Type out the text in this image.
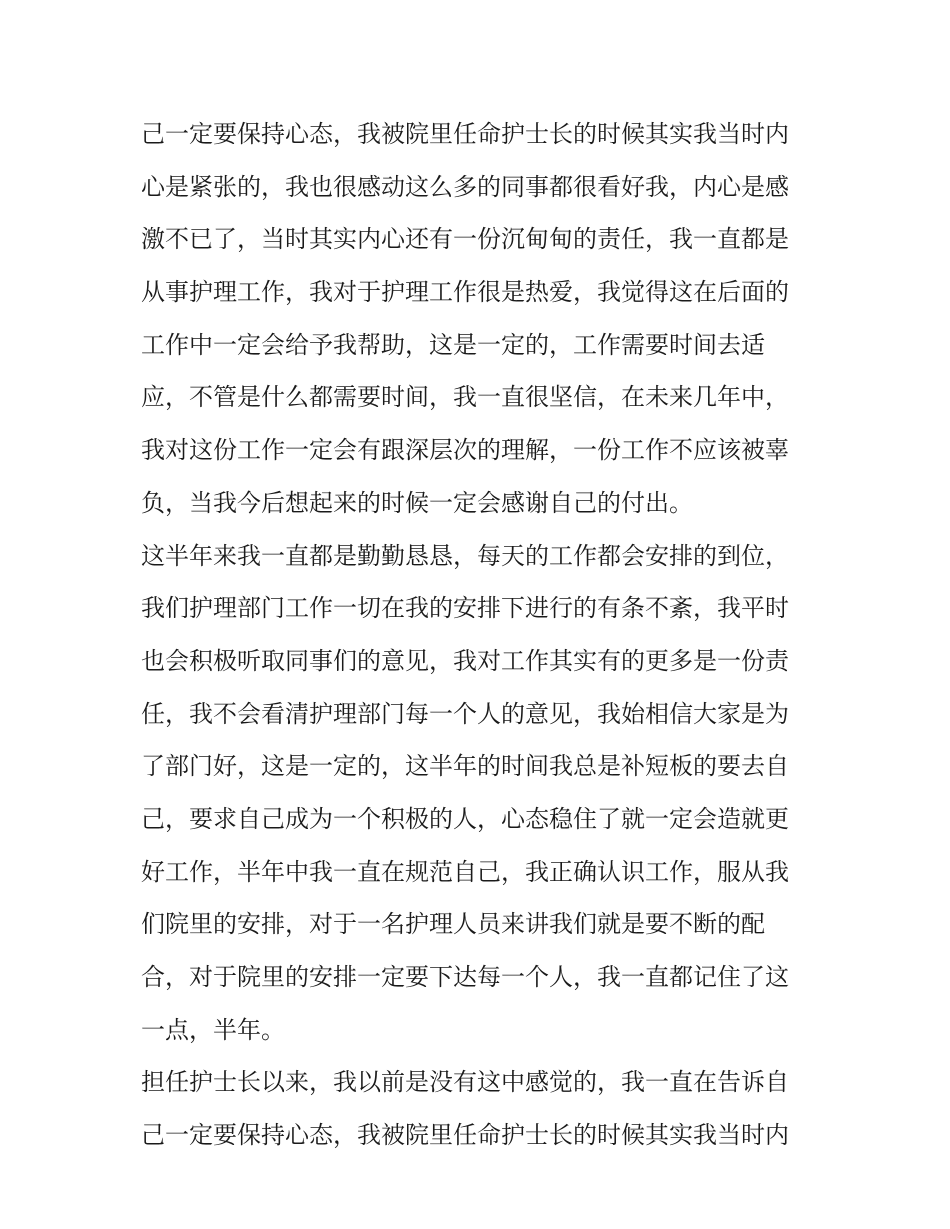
己一定要保持心态，我被院里任命护士长的时候其实我当时内
心是紧张的，我也很感动这么多的同事都很看好我，内心是感
激不已了，当时其实内心还有一份沉甸甸的责任，我一直都是
从事护理工作，我对于护理工作很是热爱，我觉得这在后面的
工作中一定会给予我帮助，这是一定的，工作需要时间去适
应，不管是什么都需要时间，我一直很坚信，在未来几年中，
我对这份工作一定会有跟深层次的理解，一份工作不应该被辜
负，当我今后想起来的时候一定会感谢自己的付出。
这半年来我一直都是勤勤恳恳，每天的工作都会安排的到位，
我们护理部门工作一切在我的安排下进行的有条不紊，我平时
也会积极听取同事们的意见，我对工作其实有的更多是一份责
任，我不会看清护理部门每一个人的意见，我始相信大家是为
了部门好，这是一定的，这半年的时间我总是补短板的要去自
己，要求自己成为一个积极的人，心态稳住了就一定会造就更
好工作，半年中我一直在规范自己，我正确认识工作，服从我
们院里的安排，对于一名护理人员来讲我们就是要不断的配
合，对于院里的安排一定要下达每一个人，我一直都记住了这
一点，半年。
担任护士长以来，我以前是没有这中感觉的，我一直在告诉自
己一定要保持心态，我被院里任命护士长的时候其实我当时内
